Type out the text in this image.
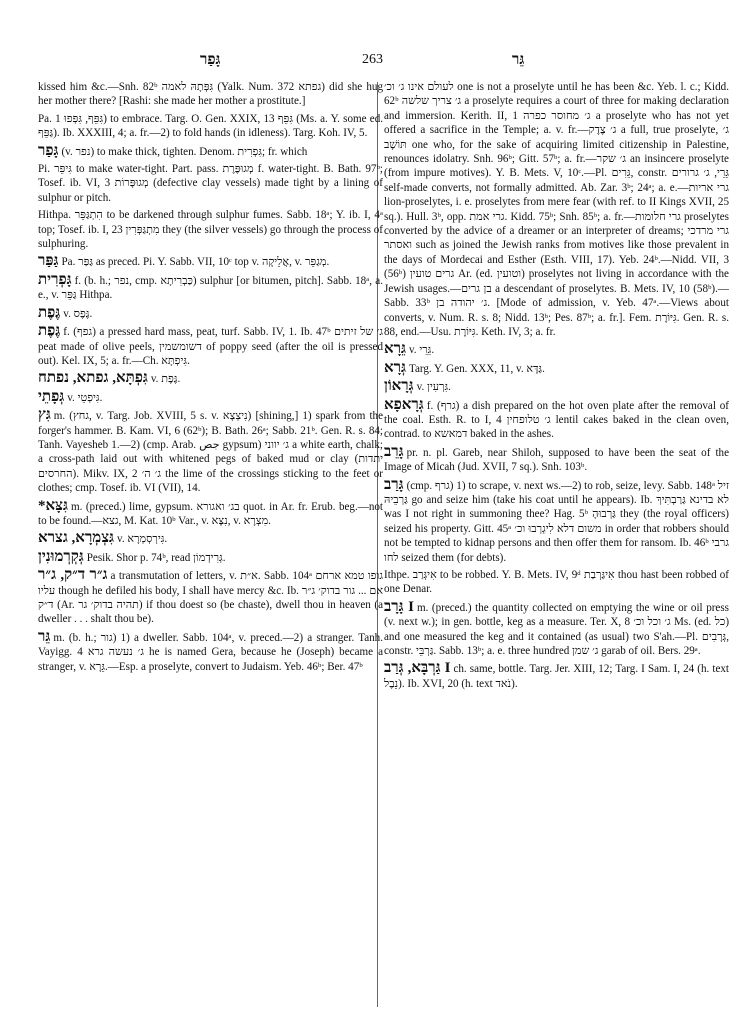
גָּפַר	263	גֵּר

kissed him &c.—Snh. 82ᵇ גִּפְּתָהּ לאמה (Yalk. Num. 372 גפתא) did she hug her mother there? [Rashi: she made her mother a prostitute.]

Pa. גִּפֵּף, גִּפְּפוּ 1) to embrace. Targ. O. Gen. XXIX, 13 גִּפֵּף (Ms. a. Y. some ed. גַּפֵּף). Ib. XXXIII, 4; a. fr.—2) to fold hands (in idleness). Targ. Koh. IV, 5.

גָּפַר (v. נפר) to make thick, tighten. Denom. גִּפְרִית; fr. which

Pi. גִּיפֵּר to make water-tight. Part. pass. מְגוּפֶּרֶת f. water-tight. B. Bath. 97ᵇ; Tosef. ib. VI, 3 מְגוּפָּרוֹת (defective clay vessels) made tight by a lining of sulphur or pitch.

Hithpa. הִתְגַּפֵּר to be darkened through sulphur fumes. Sabb. 18ᵃ; Y. ib. I, 4ᵃ top; Tosef. ib. I, 23 מִתְגַּפְּרִין they (the silver vessels) go through the process of sulphuring.

גַּפַּר Pa. גַּפַּר as preced. Pi. Y. Sabb. VII, 10ᶜ top v. אֲלֵיקָה, v. מְגַפֵּר.

גָּפְרִית f. (b. h.; נפר, cmp. כַּבְרִיתָא) sulphur [or bitumen, pitch]. Sabb. 18ᵃ, a. e., v. גַּפֵּר Hithpa.

גֶּפֶת v. גֶּפֶס.

גֶּפֶת f. (גפף) a pressed hard mass, peat, turf. Sabb. IV, 1. Ib. 47ᵇ ג׳ של זיתים peat made of olive peels, דשומשמין of poppy seed (after the oil is pressed out). Kel. IX, 5; a. fr.—Ch. גִּיפְתָּא.

גִּפְתָּא, גפתא, נפתח v. גֶּפֶת.

גְּפָתֵי v. גִּיפְטֵי.

גִּץ m. (גחץ, v. Targ. Job. XVIII, 5 s. v. נִיצְצָא) [shining,] 1) spark from the forger's hammer. B. Kam. VI, 6 (62ᵇ); B. Bath. 26ᵃ; Sabb. 21ᵇ. Gen. R. s. 84; Tanh. Vayesheb 1.—2) (cmp. Arab. جص gypsum) ג׳ יווני a white earth, chalk; a cross-path laid out with whitened pegs of baked mud or clay (יתדות החרסים). Mikv. IX, 2 ג׳ ה׳ the lime of the crossings sticking to the feet or clothes; cmp. Tosef. ib. VI (VII), 14.

*גִּצָּא m. (preced.) lime, gypsum. בג׳ ואגורא quot. in Ar. fr. Erub. beg.—not to be found.—גצא, M. Kat. 10ᵇ Var., v. נִצָּא, v. מִצְרָא.

גִּצְמְרָא, גצרא v. גִּירְסְמְרָא.

גְּקְרְמוּנִין Pesik. Shor p. 74ᵇ, read גְּרִידְמוֹן.

ג״ר ד״ק, ג״ר a transmutation of letters, v. א״ת. Sabb. 104ᵃ גופו טמא ארחם עליו though he defiled his body, I shall have mercy &c. Ib. אם ... גור בדוק׳ ג״ר ד״ק (Ar. תהיה בדוק׳ גר) if thou doest so (be chaste), dwell thou in heaven (a dweller . . . shalt thou be).

גֵּר m. (b. h.; גור) 1) a dweller. Sabb. 104ᵃ, v. preced.—2) a stranger. Tanh. Vayigg. 4 ג׳ נעשה גרא he is named Gera, because he (Joseph) became a stranger, v. גֵּרָא.—Esp. a proselyte, convert to Judaism. Yeb. 46ᵇ; Ber. 47ᵇ

לעולם אינו ג׳ וכ׳ one is not a proselyte until he has been &c. Yeb. l. c.; Kidd. 62ᵇ ג׳ צריך שלשה a proselyte requires a court of three for making declaration and immersion. Kerith. II, 1 ג׳ מחוסר כפרה a proselyte who has not yet offered a sacrifice in the Temple; a. v. fr.—ג׳ צֶדֶק a full, true proselyte, ג׳ תּוֹשָׁב one who, for the sake of acquiring limited citizenship in Palestine, renounces idolatry. Snh. 96ᵇ; Gitt. 57ᵇ; a. fr.—ג׳ שקר an insincere proselyte (from impure motives). Y. B. Mets. V, 10ᶜ.—Pl. גֵּרִים, constr. גֵּרֵי, ג׳ גרורים self-made converts, not formally admitted. Ab. Zar. 3ᵇ; 24ᵃ; a. e.—גרי אריות lion-proselytes, i. e. proselytes from mere fear (with ref. to II Kings XVII, 25 sq.). Hull. 3ᵇ, opp. גרי אמת. Kidd. 75ᵇ; Snh. 85ᵇ; a. fr.—גרי חלומות proselytes converted by the advice of a dreamer or an interpreter of dreams; גרי מרדכי ואסתר such as joined the Jewish ranks from motives like those prevalent in the days of Mordecai and Esther (Esth. VIII, 17). Yeb. 24ᵇ.—Nidd. VII, 3 (56ᵇ) גרים טועין Ar. (ed. וטועין) proselytes not living in accordance with the Jewish usages.—בן גרים a descendant of proselytes. B. Mets. IV, 10 (58ᵇ).—Sabb. 33ᵇ ג׳ יהודה בן. [Mode of admission, v. Yeb. 47ᵃ.—Views about converts, v. Num. R. s. 8; Nidd. 13ᵇ; Pes. 87ᵇ; a. fr.]. Fem. גִּיּוֹרֶת. Gen. R. s. 88, end.—Usu. גִּיּוֹרֶת. Keth. IV, 3; a. fr.

גֵּרָא v. גֵּרֵי.

גְּרָא Targ. Y. Gen. XXX, 11, v. גַּדָּא.

גְּרָאוֹן v. גִּרְעִין.

גְּרָאפָא f. (גרף) a dish prepared on the hot oven plate after the removal of the coal. Esth. R. to I, 4 ג׳ טלופחין lentil cakes baked in the clean oven, contrad. to דמאשא baked in the ashes.

גָּרֵב pr. n. pl. Gareb, near Shiloh, supposed to have been the seat of the Image of Micah (Jud. XVII, 7 sq.). Snh. 103ᵇ.

גָּרַב (cmp. גרף) 1) to scrape, v. next ws.—2) to rob, seize, levy. Sabb. 148ᵃ זיל גַּרְבֵיהּ go and seize him (take his coat until he appears). Ib. לא בדינא גַּרַבְתִּיךְ was I not right in summoning thee? Hag. 5ᵇ גַּרְבוּהָ they (the royal officers) seized his property. Gitt. 45ᵃ משום דלא לִיגְרְבוּ וכ׳ in order that robbers should not be tempted to kidnap persons and then offer them for ransom. Ib. 46ᵇ גרבי לחו seized them (for debts).

Ithpe. אִיגְּרַב to be robbed. Y. B. Mets. IV, 9ᵈ אִיגַּרְבַת thou hast been robbed of one Denar.

גָּרָב I m. (preced.) the quantity collected on emptying the wine or oil press (v. next w.); in gen. bottle, keg as a measure. Ter. X, 8 ג׳ וכל וכ׳ Ms. (ed. כל) and one measured the keg and it contained (as usual) two S'ah.—Pl. גְּרָבִים, constr. גַּרְבֵּי. Sabb. 13ᵇ; a. e. three hundred ג׳ שמן garab of oil. Bers. 29ᵃ.

גַּרְבָּא, גְּרַב I ch. same, bottle. Targ. Jer. XIII, 12; Targ. I Sam. I, 24 (h. text נֵבֶל). Ib. XVI, 20 (h. text נֹאד).
